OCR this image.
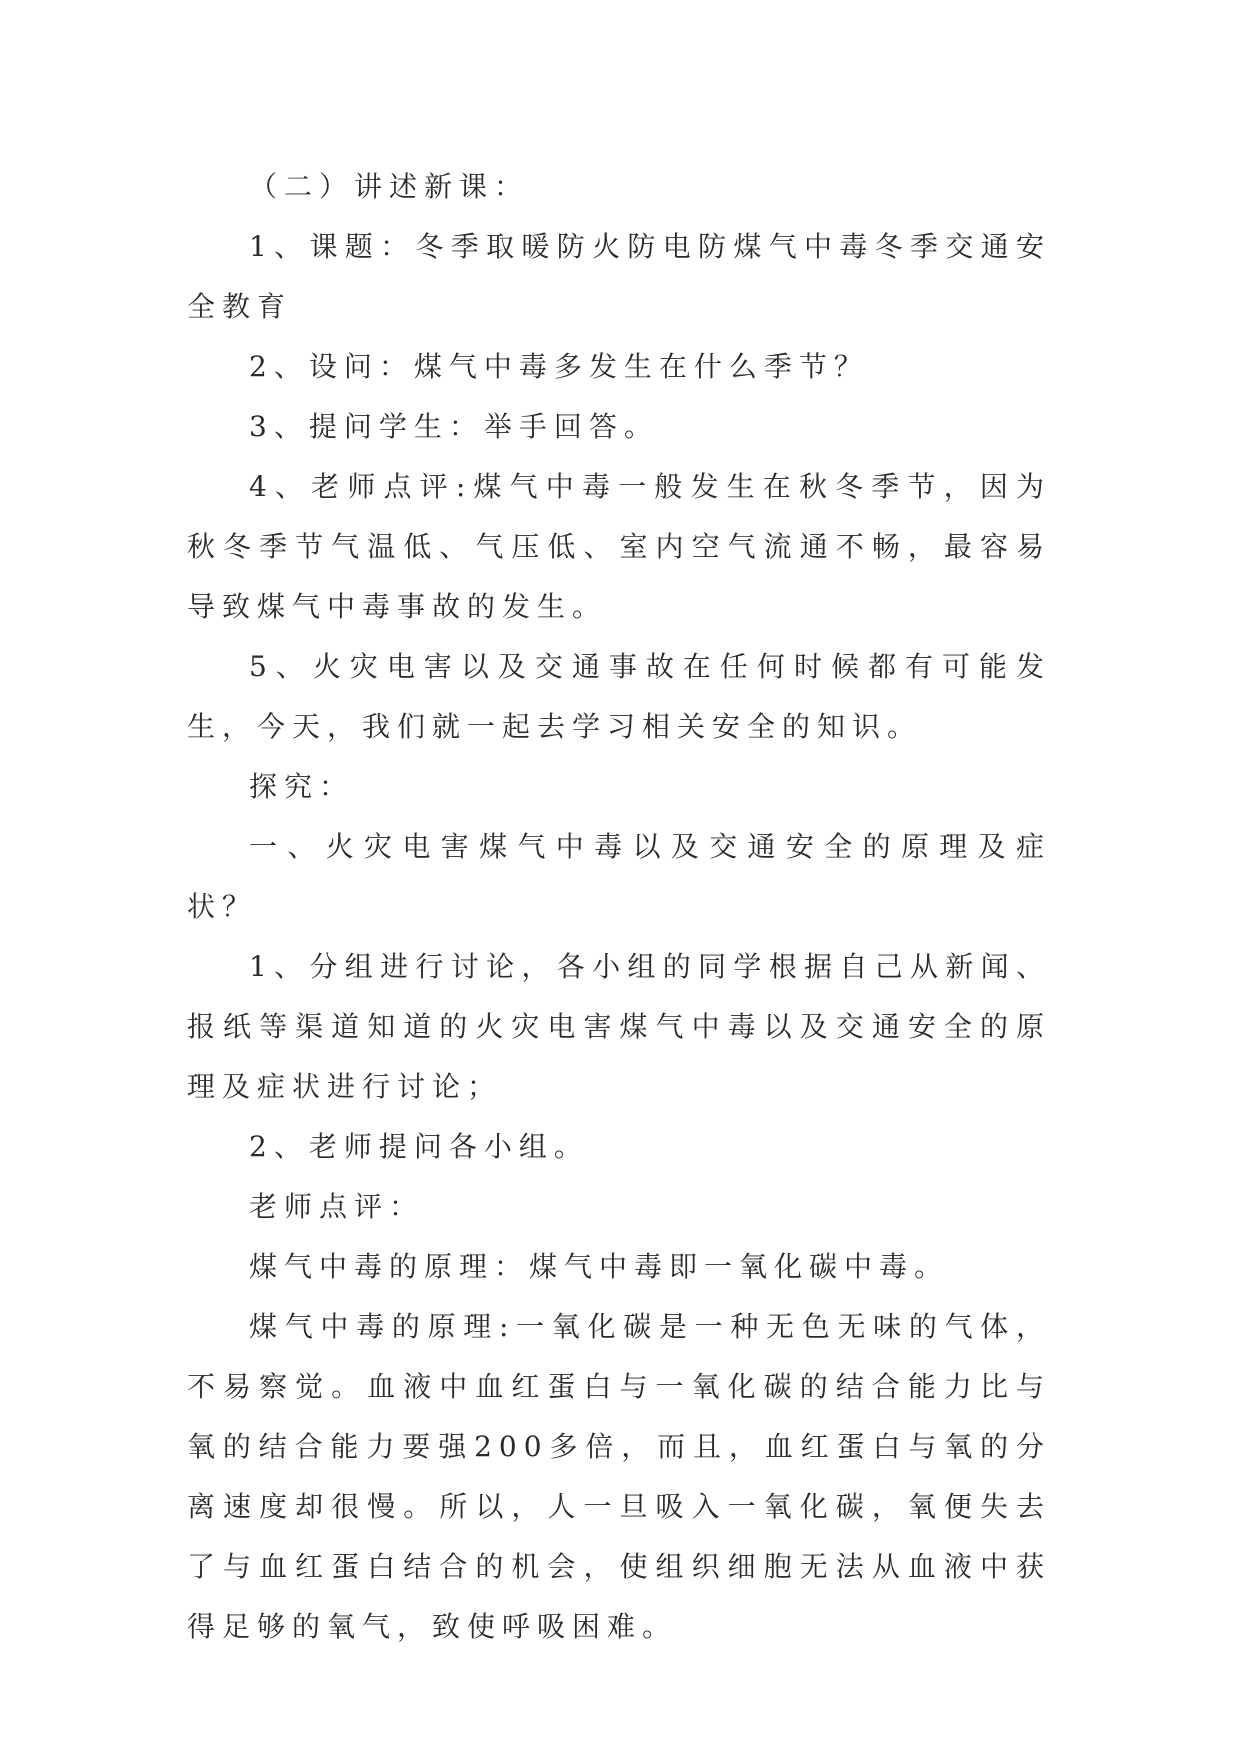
（二）讲述新课：

1、课题：冬季取暖防火防电防煤气中毒冬季交通安全教育

2、设问：煤气中毒多发生在什么季节？

3、提问学生：举手回答。

4、老师点评:煤气中毒一般发生在秋冬季节，因为秋冬季节气温低、气压低、室内空气流通不畅，最容易导致煤气中毒事故的发生。

5、火灾电害以及交通事故在任何时候都有可能发生，今天，我们就一起去学习相关安全的知识。

探究：

一、火灾电害煤气中毒以及交通安全的原理及症状？

1、分组进行讨论，各小组的同学根据自己从新闻、报纸等渠道知道的火灾电害煤气中毒以及交通安全的原理及症状进行讨论；

2、老师提问各小组。

老师点评：

煤气中毒的原理：煤气中毒即一氧化碳中毒。

煤气中毒的原理:一氧化碳是一种无色无味的气体，不易察觉。血液中血红蛋白与一氧化碳的结合能力比与氧的结合能力要强200多倍，而且，血红蛋白与氧的分离速度却很慢。所以，人一旦吸入一氧化碳，氧便失去了与血红蛋白结合的机会，使组织细胞无法从血液中获得足够的氧气，致使呼吸困难。
